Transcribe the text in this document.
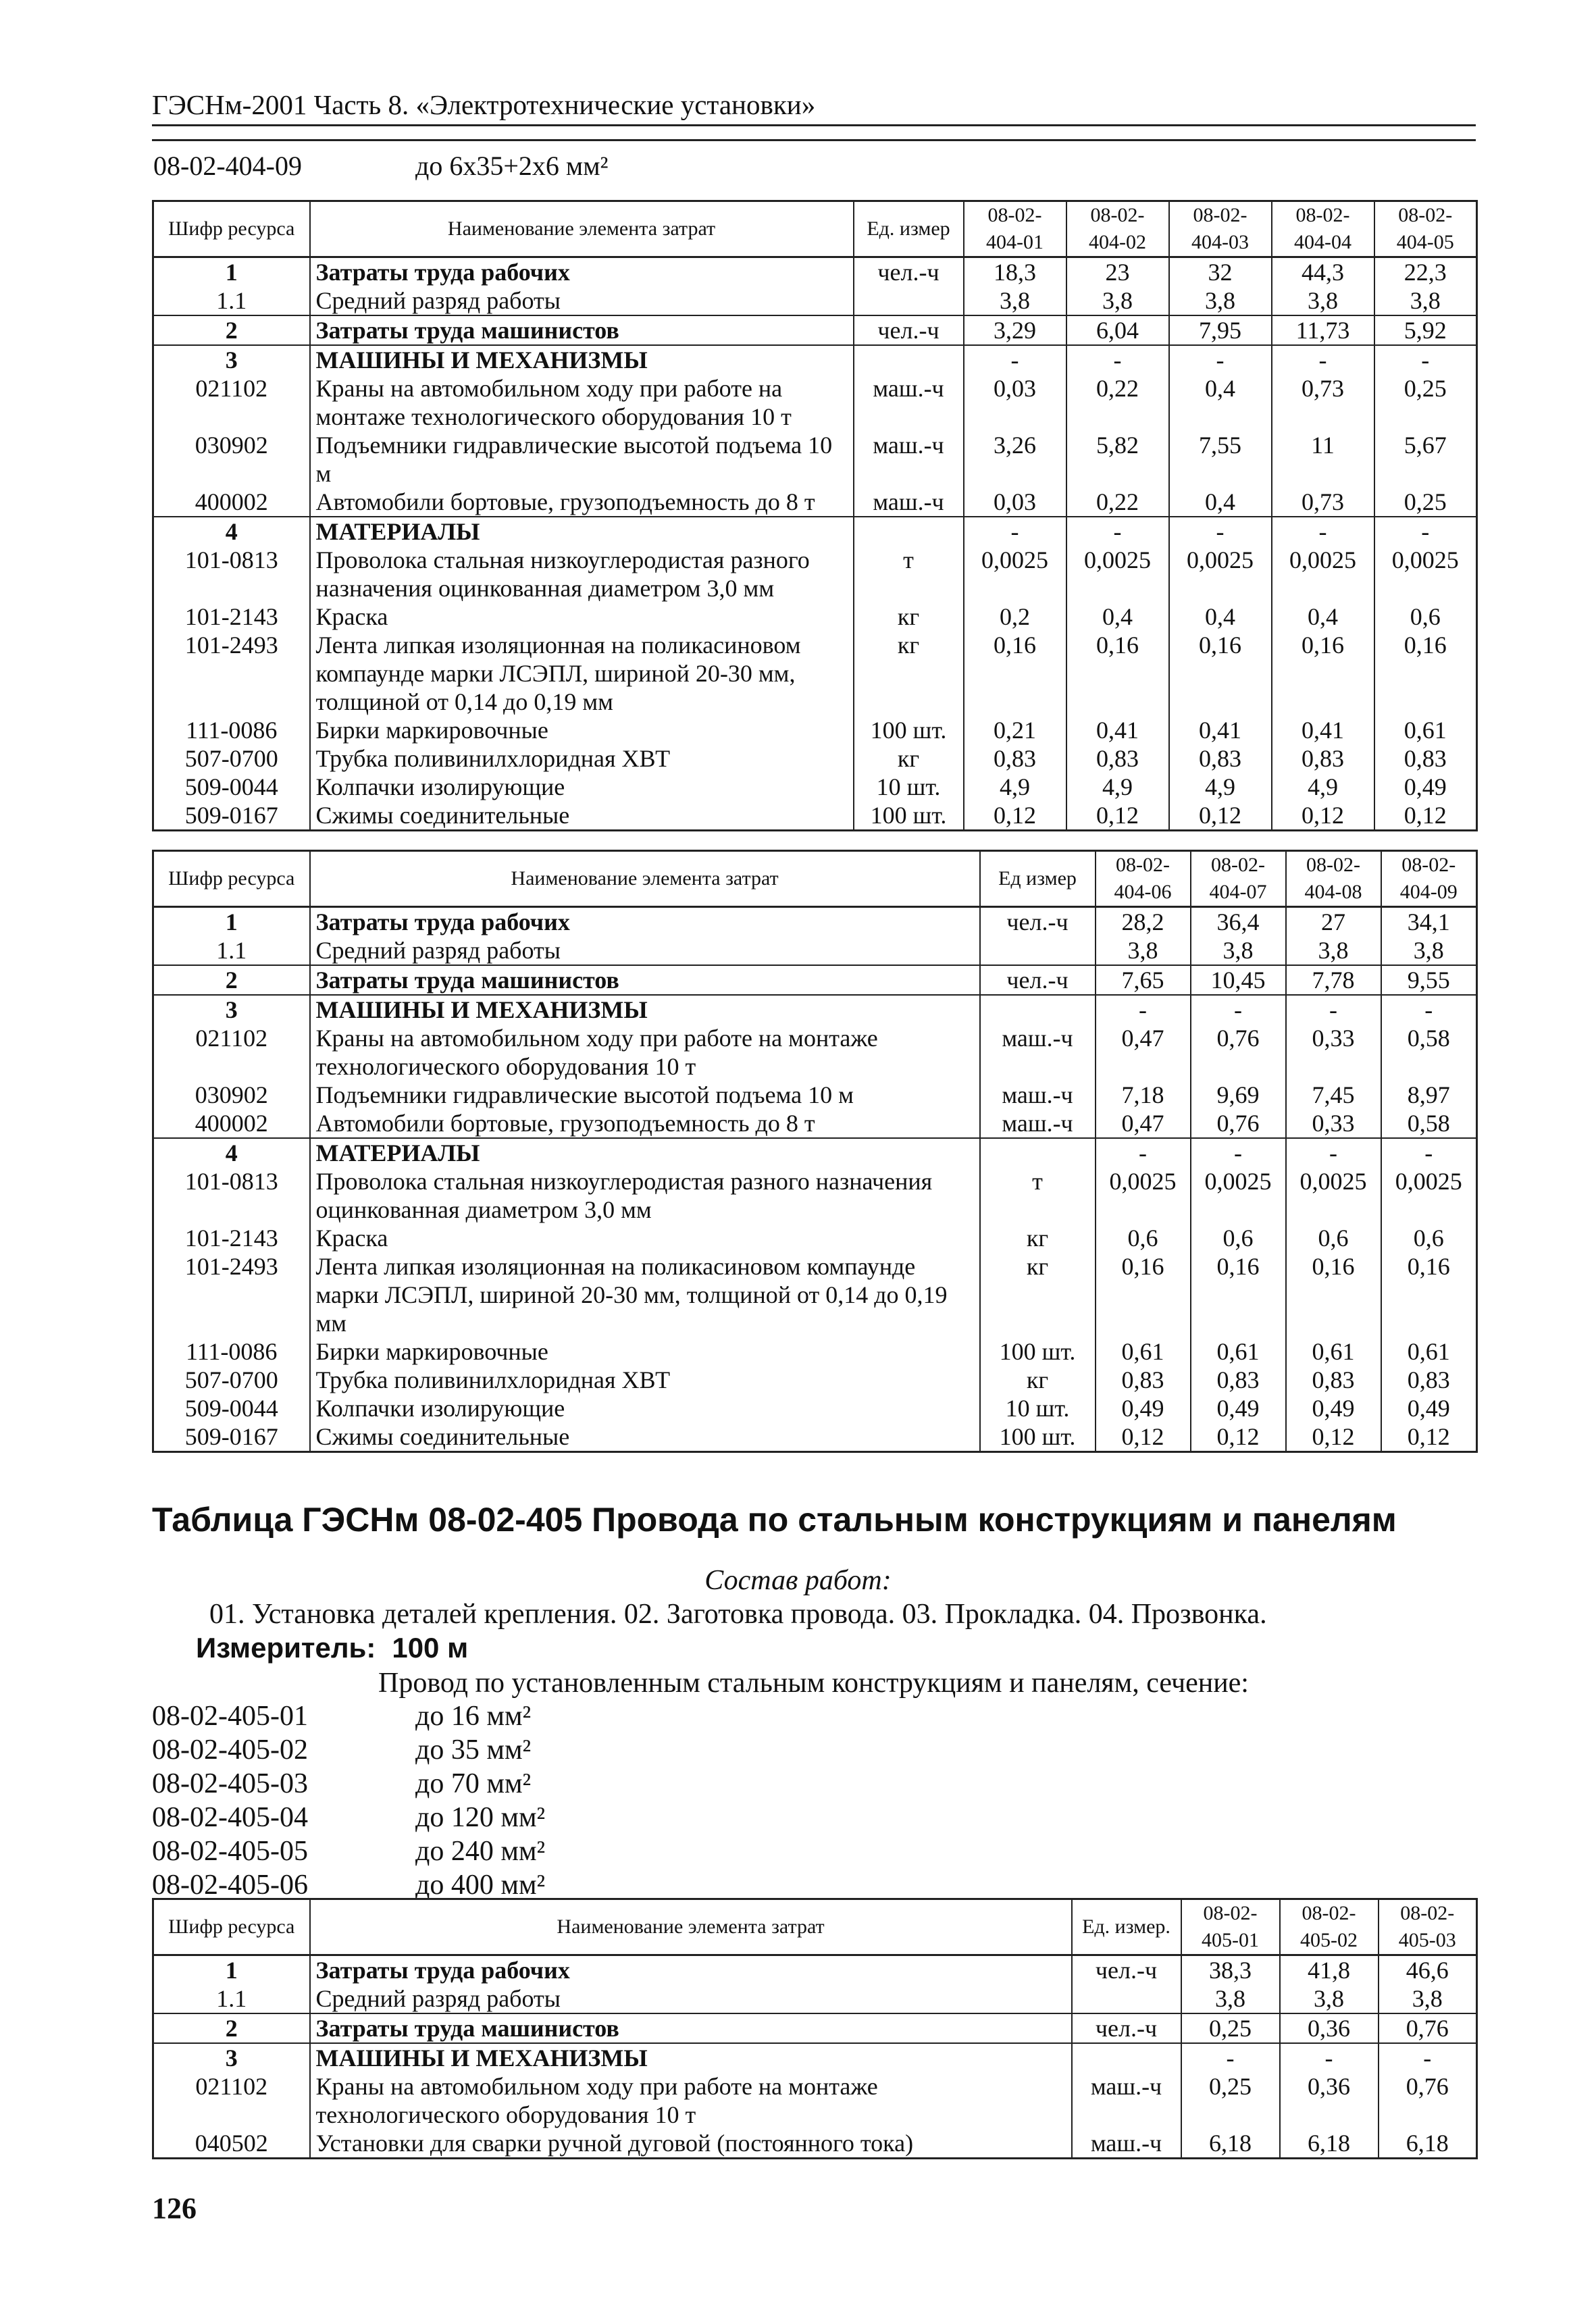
ГЭСНм-2001 Часть 8. «Электротехнические установки»
08-02-404-09	до 6х35+2х6 мм²
Шифр ресурса	Наименование элемента затрат	Ед. измер	08-02-404-01	08-02-404-02	08-02-404-03	08-02-404-04	08-02-404-05
1	Затраты труда рабочих	чел.-ч	18,3	23	32	44,3	22,3
1.1	Средний разряд работы		3,8	3,8	3,8	3,8	3,8
2	Затраты труда машинистов	чел.-ч	3,29	6,04	7,95	11,73	5,92
3	МАШИНЫ И МЕХАНИЗМЫ		-	-	-	-	-
021102	Краны на автомобильном ходу при работе на монтаже технологического оборудования 10 т	маш.-ч	0,03	0,22	0,4	0,73	0,25
030902	Подъемники гидравлические высотой подъема 10 м	маш.-ч	3,26	5,82	7,55	11	5,67
400002	Автомобили бортовые, грузоподъемность до 8 т	маш.-ч	0,03	0,22	0,4	0,73	0,25
4	МАТЕРИАЛЫ		-	-	-	-	-
101-0813	Проволока стальная низкоуглеродистая разного назначения оцинкованная диаметром 3,0 мм	т	0,0025	0,0025	0,0025	0,0025	0,0025
101-2143	Краска	кг	0,2	0,4	0,4	0,4	0,6
101-2493	Лента липкая изоляционная на поликасиновом компаунде марки ЛСЭПЛ, шириной 20-30 мм, толщиной от 0,14 до 0,19 мм	кг	0,16	0,16	0,16	0,16	0,16
111-0086	Бирки маркировочные	100 шт.	0,21	0,41	0,41	0,41	0,61
507-0700	Трубка поливинилхлоридная ХВТ	кг	0,83	0,83	0,83	0,83	0,83
509-0044	Колпачки изолирующие	10 шт.	4,9	4,9	4,9	4,9	0,49
509-0167	Сжимы соединительные	100 шт.	0,12	0,12	0,12	0,12	0,12
Шифр ресурса	Наименование элемента затрат	Ед измер	08-02-404-06	08-02-404-07	08-02-404-08	08-02-404-09
1	Затраты труда рабочих	чел.-ч	28,2	36,4	27	34,1
1.1	Средний разряд работы		3,8	3,8	3,8	3,8
2	Затраты труда машинистов	чел.-ч	7,65	10,45	7,78	9,55
3	МАШИНЫ И МЕХАНИЗМЫ		-	-	-	-
021102	Краны на автомобильном ходу при работе на монтаже технологического оборудования 10 т	маш.-ч	0,47	0,76	0,33	0,58
030902	Подъемники гидравлические высотой подъема 10 м	маш.-ч	7,18	9,69	7,45	8,97
400002	Автомобили бортовые, грузоподъемность до 8 т	маш.-ч	0,47	0,76	0,33	0,58
4	МАТЕРИАЛЫ		-	-	-	-
101-0813	Проволока стальная низкоуглеродистая разного назначения оцинкованная диаметром 3,0 мм	т	0,0025	0,0025	0,0025	0,0025
101-2143	Краска	кг	0,6	0,6	0,6	0,6
101-2493	Лента липкая изоляционная на поликасиновом компаунде марки ЛСЭПЛ, шириной 20-30 мм, толщиной от 0,14 до 0,19 мм	кг	0,16	0,16	0,16	0,16
111-0086	Бирки маркировочные	100 шт.	0,61	0,61	0,61	0,61
507-0700	Трубка поливинилхлоридная ХВТ	кг	0,83	0,83	0,83	0,83
509-0044	Колпачки изолирующие	10 шт.	0,49	0,49	0,49	0,49
509-0167	Сжимы соединительные	100 шт.	0,12	0,12	0,12	0,12
Таблица ГЭСНм 08-02-405 Провода по стальным конструкциям и панелям
Состав работ:
01. Установка деталей крепления. 02. Заготовка провода. 03. Прокладка. 04. Прозвонка.
Измеритель: 100 м
Провод по установленным стальным конструкциям и панелям, сечение:
08-02-405-01	до 16 мм²
08-02-405-02	до 35 мм²
08-02-405-03	до 70 мм²
08-02-405-04	до 120 мм²
08-02-405-05	до 240 мм²
08-02-405-06	до 400 мм²
Шифр ресурса	Наименование элемента затрат	Ед. измер.	08-02-405-01	08-02-405-02	08-02-405-03
1	Затраты труда рабочих	чел.-ч	38,3	41,8	46,6
1.1	Средний разряд работы		3,8	3,8	3,8
2	Затраты труда машинистов	чел.-ч	0,25	0,36	0,76
3	МАШИНЫ И МЕХАНИЗМЫ		-	-	-
021102	Краны на автомобильном ходу при работе на монтаже технологического оборудования 10 т	маш.-ч	0,25	0,36	0,76
040502	Установки для сварки ручной дуговой (постоянного тока)	маш.-ч	6,18	6,18	6,18
126
